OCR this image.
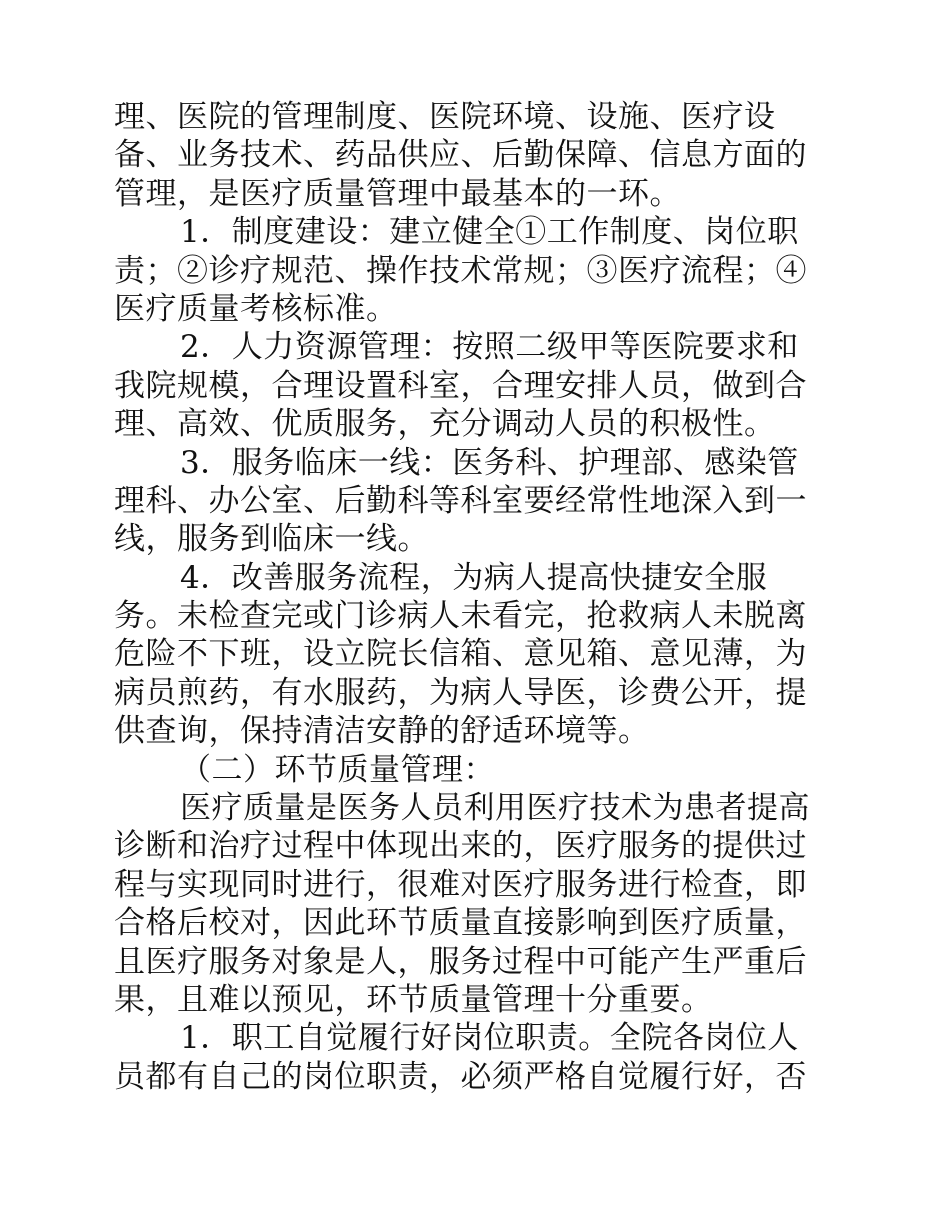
理、医院的管理制度、医院环境、设施、医疗设
备、业务技术、药品供应、后勤保障、信息方面的
管理，是医疗质量管理中最基本的一环。
1．制度建设：建立健全①工作制度、岗位职
责；②诊疗规范、操作技术常规；③医疗流程；④
医疗质量考核标准。
2．人力资源管理：按照二级甲等医院要求和
我院规模，合理设置科室，合理安排人员，做到合
理、高效、优质服务，充分调动人员的积极性。
3．服务临床一线：医务科、护理部、感染管
理科、办公室、后勤科等科室要经常性地深入到一
线，服务到临床一线。
4．改善服务流程，为病人提高快捷安全服
务。未检查完或门诊病人未看完，抢救病人未脱离
危险不下班，设立院长信箱、意见箱、意见薄，为
病员煎药，有水服药，为病人导医，诊费公开，提
供查询，保持清洁安静的舒适环境等。
（二）环节质量管理：
医疗质量是医务人员利用医疗技术为患者提高
诊断和治疗过程中体现出来的，医疗服务的提供过
程与实现同时进行，很难对医疗服务进行检查，即
合格后校对，因此环节质量直接影响到医疗质量，
且医疗服务对象是人，服务过程中可能产生严重后
果，且难以预见，环节质量管理十分重要。
1．职工自觉履行好岗位职责。全院各岗位人
员都有自己的岗位职责，必须严格自觉履行好，否
